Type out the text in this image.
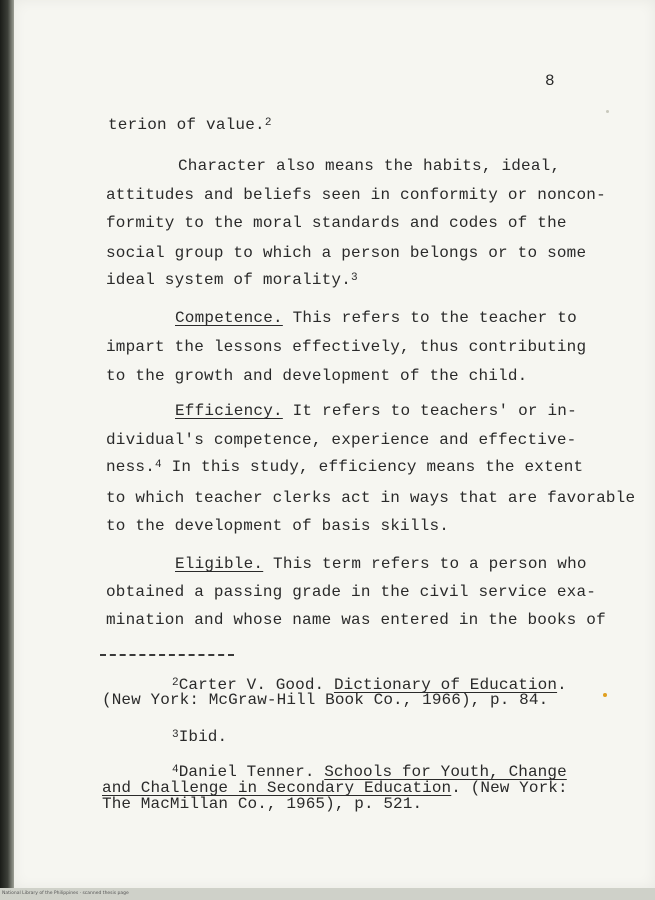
8
terion of value.$^2$
Character also means the habits, ideal,
attitudes and beliefs seen in conformity or noncon-
formity to the moral standards and codes of the
social group to which a person belongs or to some
ideal system of morality.$^3$
Competence. This refers to the teacher to
impart the lessons effectively, thus contributing
to the growth and development of the child.
Efficiency. It refers to teachers' or in-
dividual's competence, experience and effective-
ness.$^4$ In this study, efficiency means the extent
to which teacher clerks act in ways that are favorable
to the development of basis skills.
Eligible. This term refers to a person who
obtained a passing grade in the civil service exa-
mination and whose name was entered in the books of
$^2$Carter V. Good. Dictionary of Education.
(New York: McGraw-Hill Book Co., 1966), p. 84.
$^3$Ibid.
$^4$Daniel Tenner. Schools for Youth, Change
and Challenge in Secondary Education. (New York:
The MacMillan Co., 1965), p. 521.
National Library of the Philippines · scanned thesis page
